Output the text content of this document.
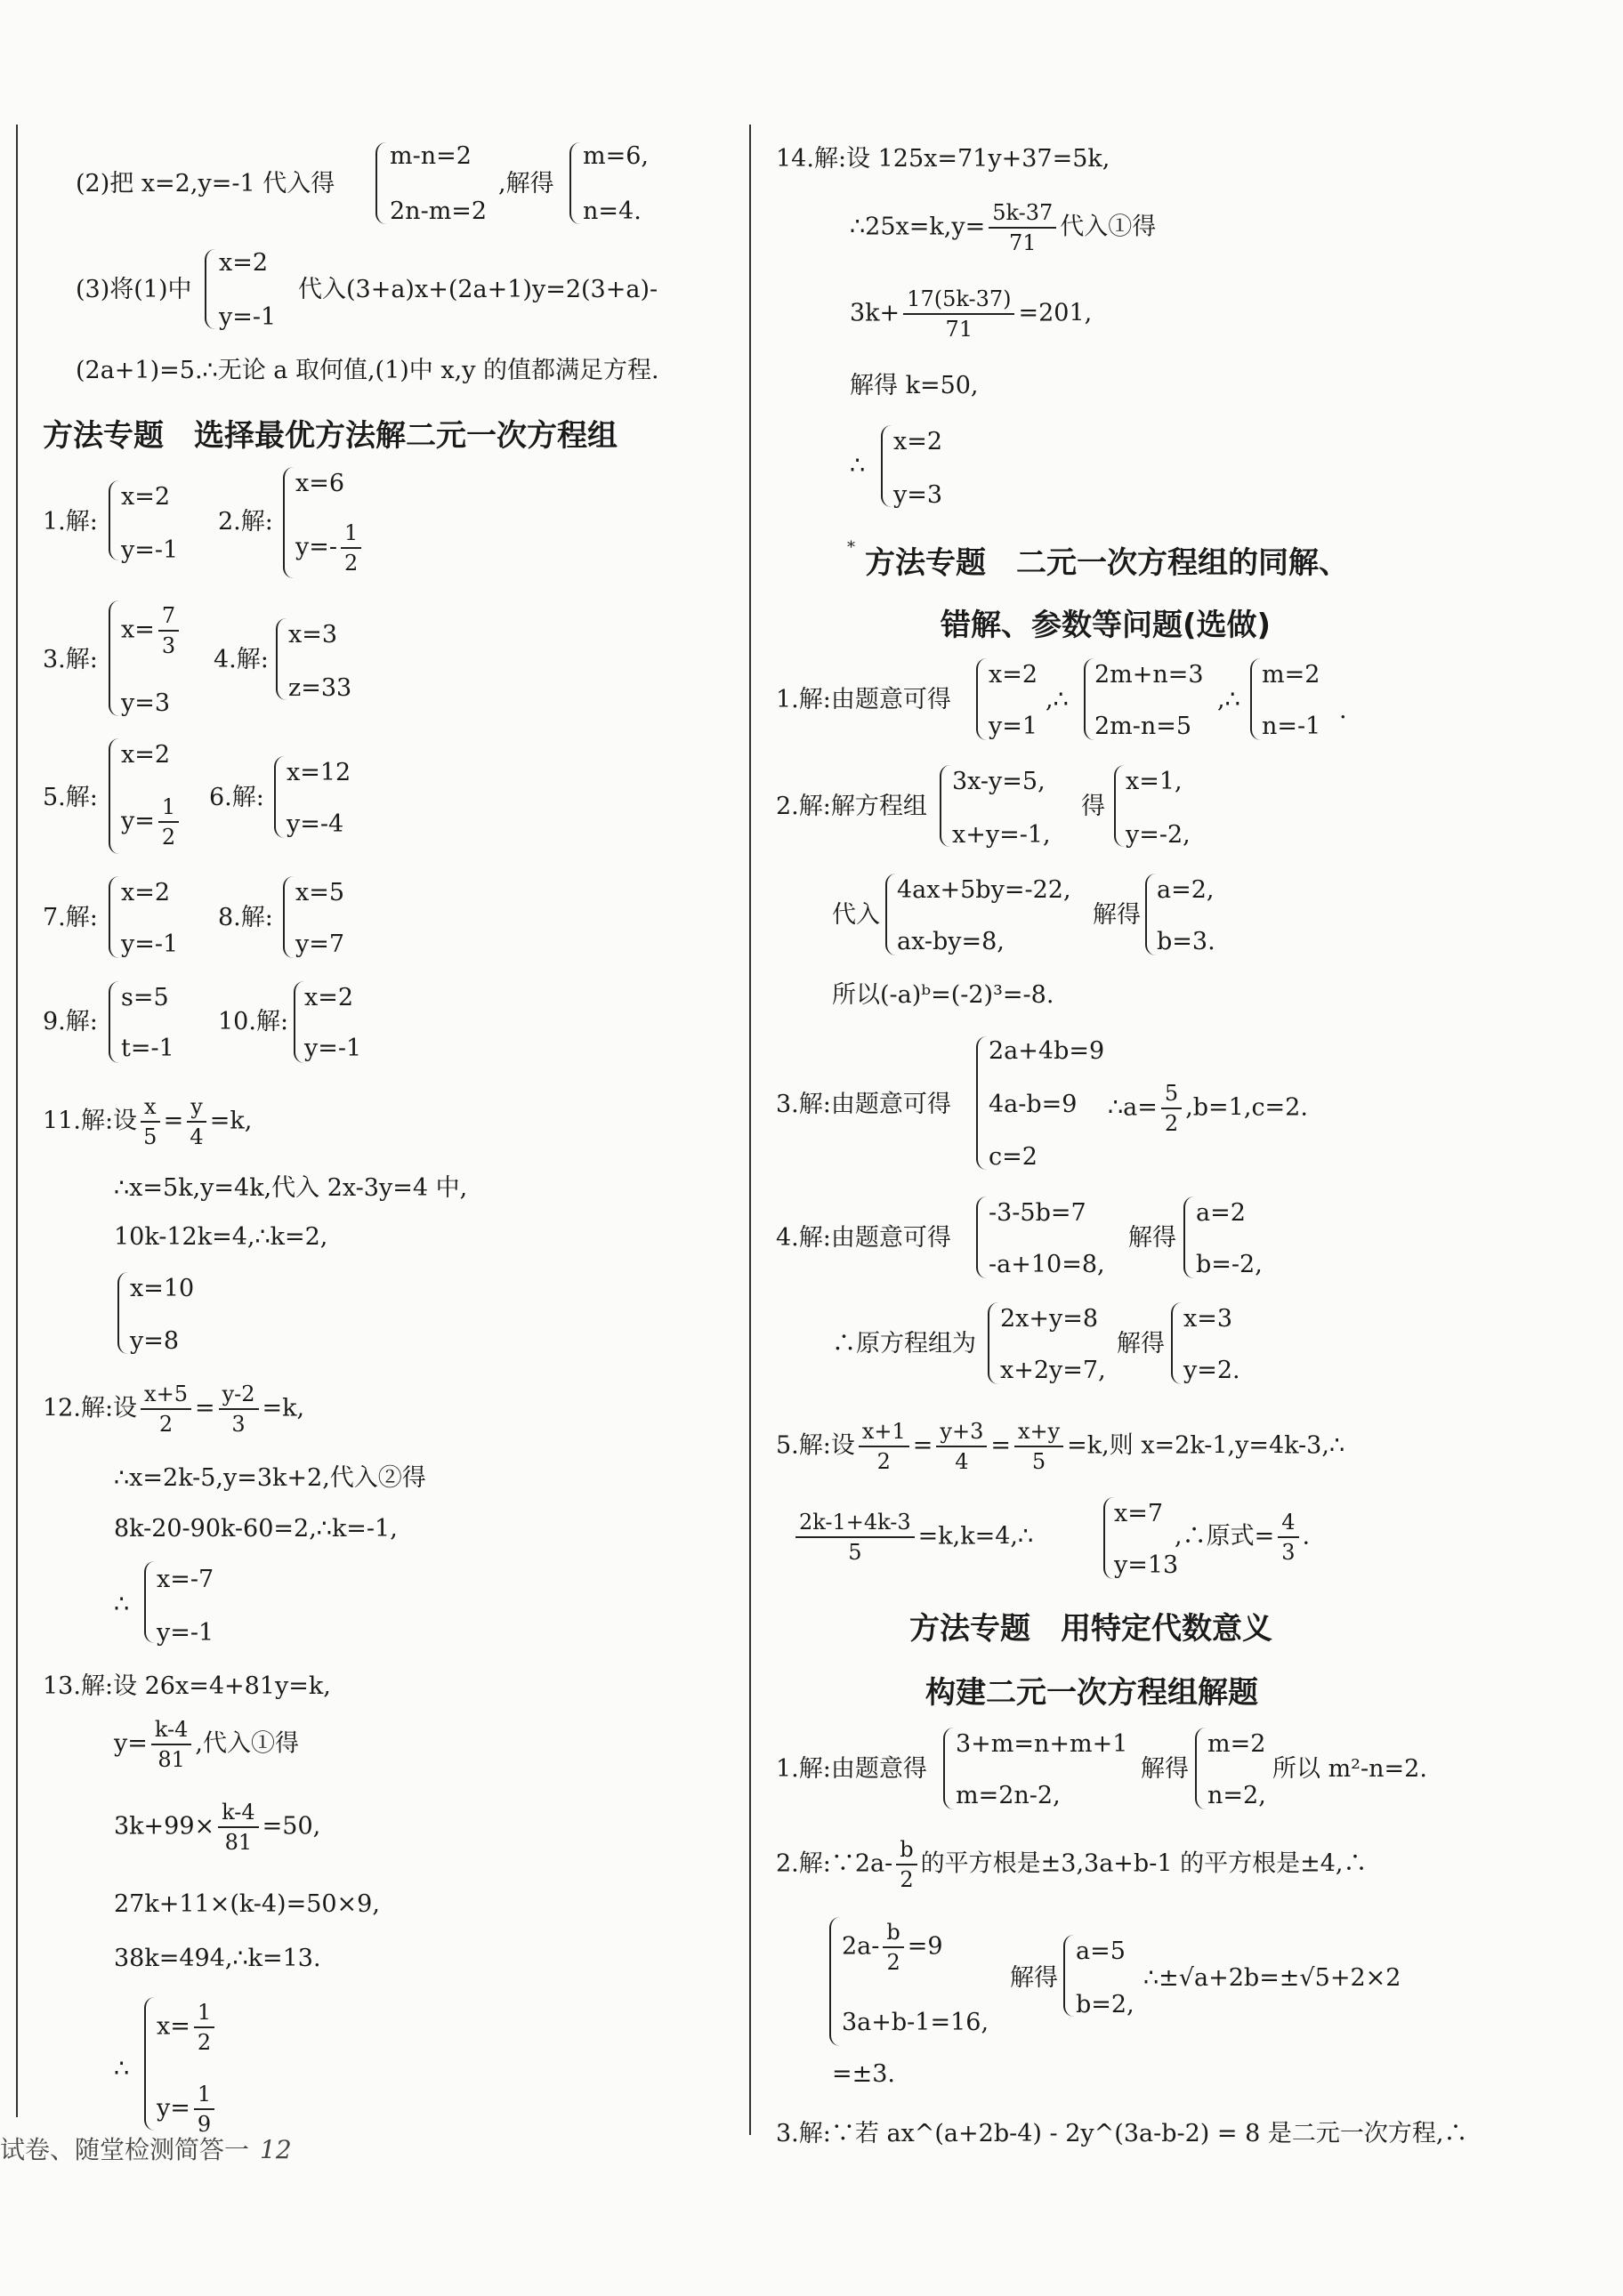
(2)把 x=2,y=-1 代入得
m-n=2
2n-m=2
,解得
m=6,
n=4.
(3)将(1)中
x=2
y=-1
代入(3+a)x+(2a+1)y=2(3+a)-
(2a+1)=5.∴无论 a 取何值,(1)中 x,y 的值都满足方程.
方法专题　选择最优方法解二元一次方程组
1.解:
x=2
y=-1
2.解:
x=6
$y=- \frac{1}{2}$
3.解:
$x= \frac{7}{3}$
y=3
4.解:
x=3
z=33
5.解:
x=2
$y= \frac{1}{2} 6$.解:
x=12
y=-4
7.解:
x=2
y=-1
8.解:
x=5
y=7
9.解:
s=5
t=-1
10.解:
x=2
y=-1
11.解:设 $\frac{x}{5} = \frac{y}{4} =k$,
∴x=5k,y=4k,代入 2x-3y=4 中,
10k-12k=4,∴k=2,
x=10
y=8
12.解:设 $\frac{x+5}{2} = \frac{y-2}{3} =k$,
∴x=2k-5,y=3k+2,代入②得
8k-20-90k-60=2,∴k=-1,
∴
x=-7
y=-1
13.解:设 26x=4+81y=k,
$y= \frac{k-4}{81}$ ,代入①得
$3k+99\times \frac{k-4}{81} =50$,
27k+11×(k-4)=50×9,
38k=494,∴k=13.
∴
$x= \frac{1}{2}$
$y= \frac{1}{9}$
14.解:设 125x=71y+37=5k,
∴25x=k,y= $\frac{5k-37}{71}$ 代入①得
$3k+ \frac{17(5k-37)}{71} =201$,
解得 k=50,
∴
x=2
y=3
* 方法专题　二元一次方程组的同解、
错解、参数等问题(选做)
1.解:由题意可得
x=2
y=1
,∴
2m+n=3
2m-n=5
,∴
m=2
n=-1
.
2.解:解方程组
3x-y=5,
x+y=-1,
得
x=1,
y=-2,
代入
4ax+5by=-22,
ax-by=8,
解得
a=2,
b=3.
所以(-a)ᵇ=(-2)³=-8.
3.解:由题意可得
2a+4b=9
4a-b=9
c=2
∴a= $\frac{5}{2} ,b=1,c=2$.
4.解:由题意可得
-3-5b=7
-a+10=8,
解得
a=2
b=-2,
∴原方程组为
2x+y=8
x+2y=7,
解得
x=3
y=2.
5.解:设 $\frac{x+1}{2} = \frac{y+3}{4} = \frac{x+y}{5} =k$,则 x=2k-1,y=4k-3,∴
$\frac{2k-1+4k-3}{5}$ =k,k=4,∴
x=7
y=13
,∴原式= $\frac{4}{3}$ .
方法专题　用特定代数意义
构建二元一次方程组解题
1.解:由题意得
3+m=n+m+1
m=2n-2,
解得
m=2
n=2,
所以 m²-n=2.
2.解:∵2a- $\frac{b}{2}$ 的平方根是±3,3a+b-1 的平方根是±4,∴
$2a- \frac{b}{2} =9$
3a+b-1=16,
解得
a=5
b=2,
∴±√a+2b=±√5+2×2
=±3.
3.解:∵若 ax^(a+2b-4) - 2y^(3a-b-2) = 8 是二元一次方程,∴
试卷、随堂检测简答一 12
